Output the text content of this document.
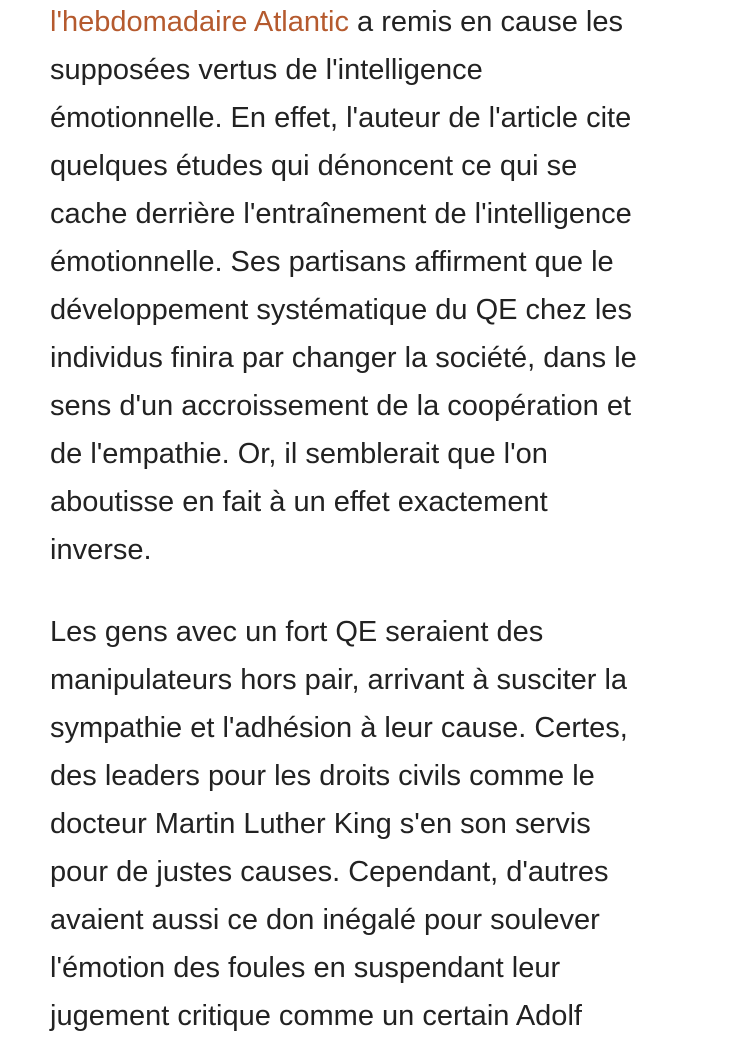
l'hebdomadaire Atlantic a remis en cause les
supposées vertus de l'intelligence
émotionnelle. En effet, l'auteur de l'article cite
quelques études qui dénoncent ce qui se
cache derrière l'entraînement de l'intelligence
émotionnelle. Ses partisans affirment que le
développement systématique du QE chez les
individus finira par changer la société, dans le
sens d'un accroissement de la coopération et
de l'empathie. Or, il semblerait que l'on
aboutisse en fait à un effet exactement
inverse.

Les gens avec un fort QE seraient des
manipulateurs hors pair, arrivant à susciter la
sympathie et l'adhésion à leur cause. Certes,
des leaders pour les droits civils comme le
docteur Martin Luther King s'en son servis
pour de justes causes. Cependant, d'autres
avaient aussi ce don inégalé pour soulever
l'émotion des foules en suspendant leur
jugement critique comme un certain Adolf
